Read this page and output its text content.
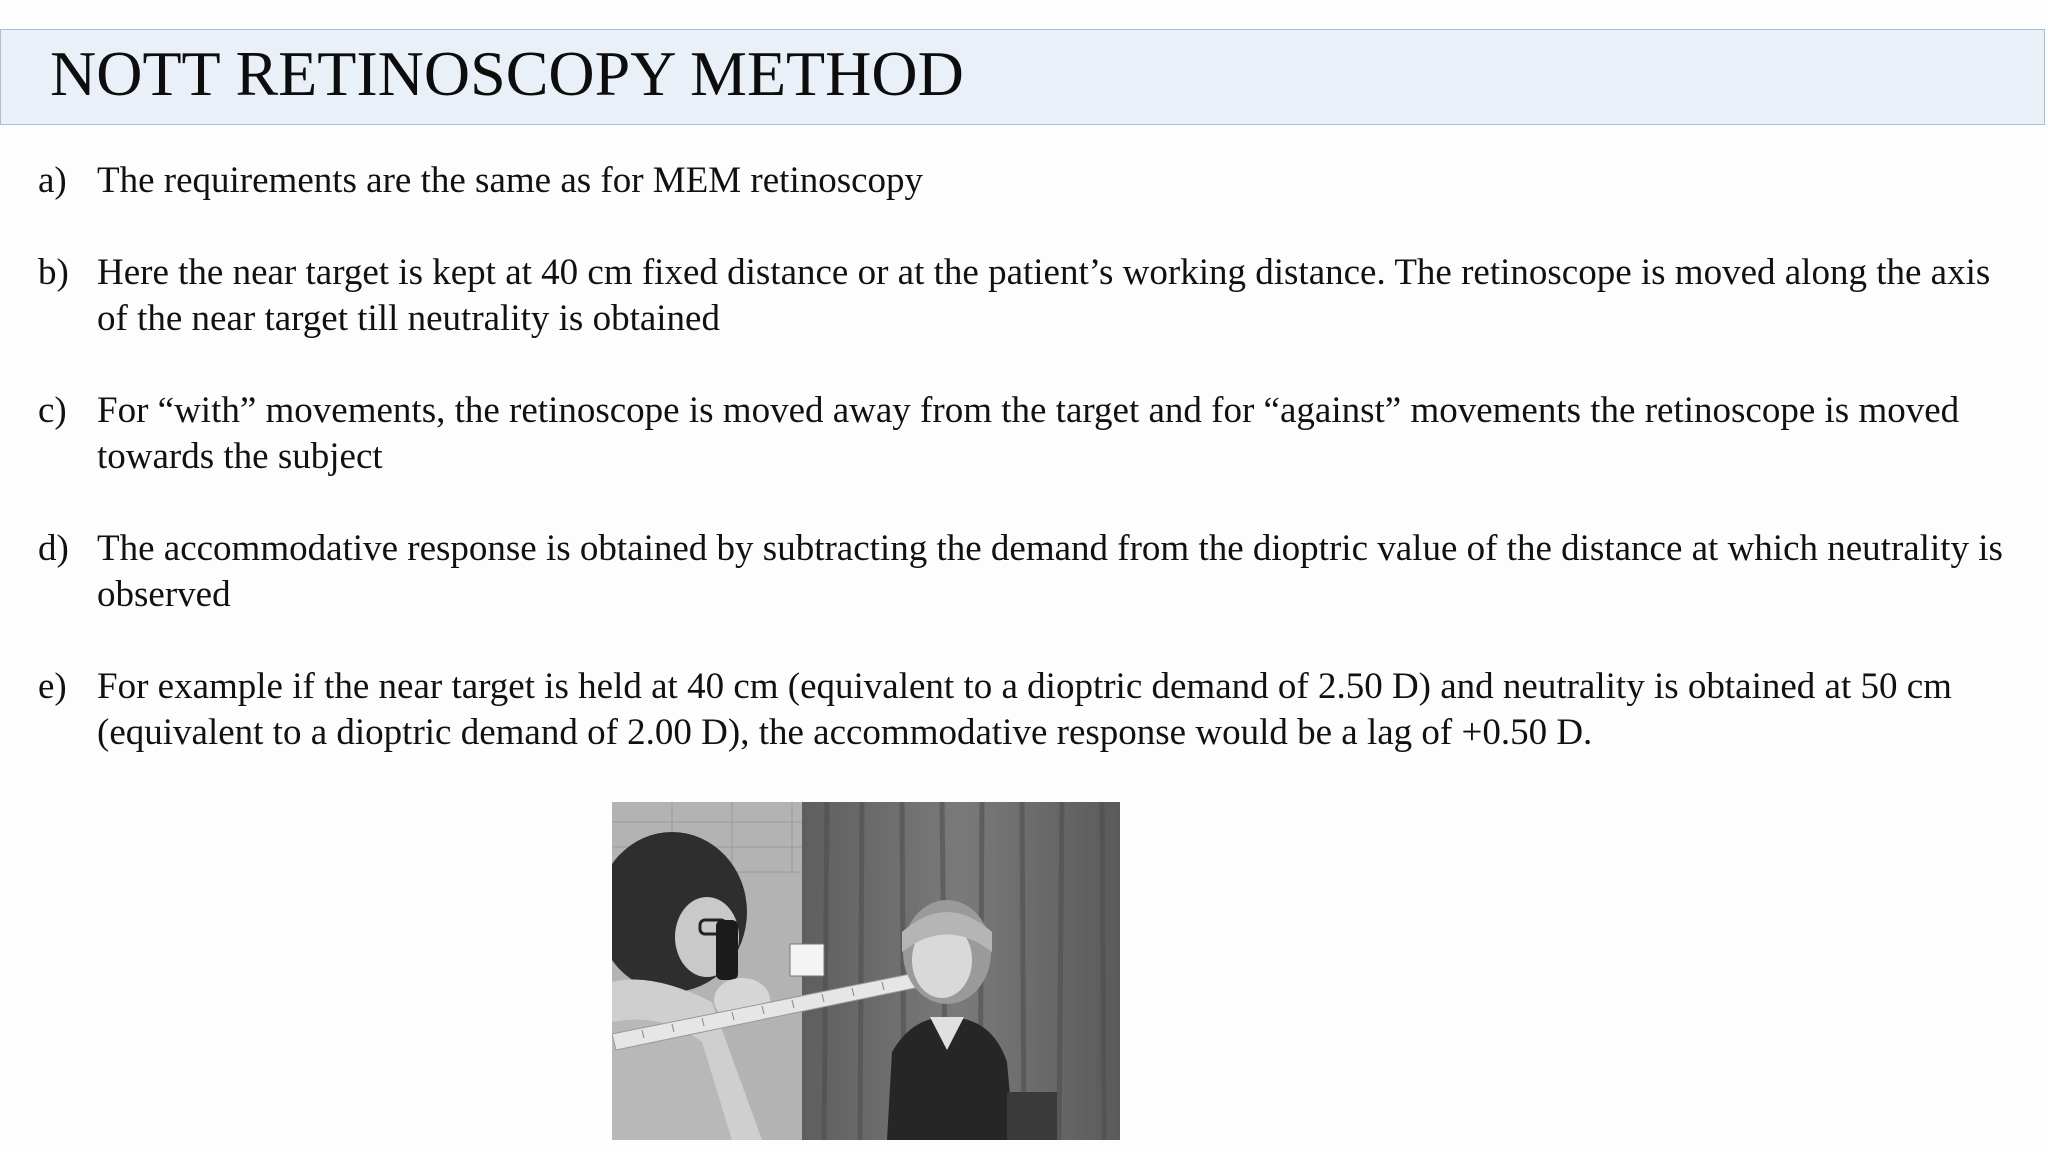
NOTT RETINOSCOPY METHOD
a) The requirements are the same as for MEM retinoscopy
b) Here the near target is kept at 40 cm fixed distance or at the patient’s working distance. The retinoscope is moved along the axis of the near target till neutrality is obtained
c) For “with” movements, the retinoscope is moved away from the target and for “against” movements the retinoscope is moved towards the subject
d) The accommodative response is obtained by subtracting the demand from the dioptric value of the distance at which neutrality is observed
e) For example if the near target is held at 40 cm (equivalent to a dioptric demand of 2.50 D) and neutrality is obtained at 50 cm (equivalent to a dioptric demand of 2.00 D), the accommodative response would be a lag of +0.50 D.
